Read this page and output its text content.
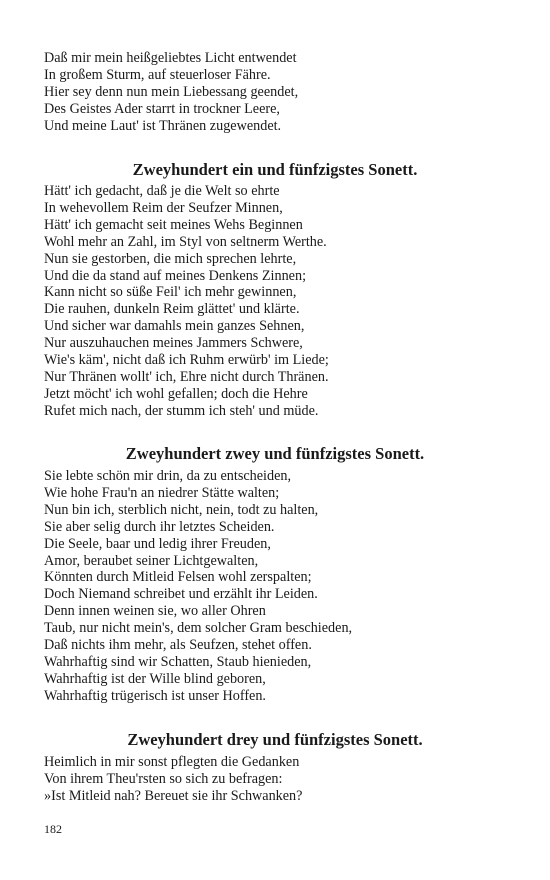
Daß mir mein heißgeliebtes Licht entwendet
In großem Sturm, auf steuerloser Fähre.
Hier sey denn nun mein Liebessang geendet,
Des Geistes Ader starrt in trockner Leere,
Und meine Laut' ist Thränen zugewendet.
Zweyhundert ein und fünfzigstes Sonett.
Hätt' ich gedacht, daß je die Welt so ehrte
In wehevollem Reim der Seufzer Minnen,
Hätt' ich gemacht seit meines Wehs Beginnen
Wohl mehr an Zahl, im Styl von seltnerm Werthe.
Nun sie gestorben, die mich sprechen lehrte,
Und die da stand auf meines Denkens Zinnen;
Kann nicht so süße Feil' ich mehr gewinnen,
Die rauhen, dunkeln Reim glättet' und klärte.
Und sicher war damahls mein ganzes Sehnen,
Nur auszuhauchen meines Jammers Schwere,
Wie's käm', nicht daß ich Ruhm erwürb' im Liede;
Nur Thränen wollt' ich, Ehre nicht durch Thränen.
Jetzt möcht' ich wohl gefallen; doch die Hehre
Rufet mich nach, der stumm ich steh' und müde.
Zweyhundert zwey und fünfzigstes Sonett.
Sie lebte schön mir drin, da zu entscheiden,
Wie hohe Frau'n an niedrer Stätte walten;
Nun bin ich, sterblich nicht, nein, todt zu halten,
Sie aber selig durch ihr letztes Scheiden.
Die Seele, baar und ledig ihrer Freuden,
Amor, beraubet seiner Lichtgewalten,
Könnten durch Mitleid Felsen wohl zerspalten;
Doch Niemand schreibet und erzählt ihr Leiden.
Denn innen weinen sie, wo aller Ohren
Taub, nur nicht mein's, dem solcher Gram beschieden,
Daß nichts ihm mehr, als Seufzen, stehet offen.
Wahrhaftig sind wir Schatten, Staub hienieden,
Wahrhaftig ist der Wille blind geboren,
Wahrhaftig trügerisch ist unser Hoffen.
Zweyhundert drey und fünfzigstes Sonett.
Heimlich in mir sonst pflegten die Gedanken
Von ihrem Theu'rsten so sich zu befragen:
»Ist Mitleid nah? Bereuet sie ihr Schwanken?
182
